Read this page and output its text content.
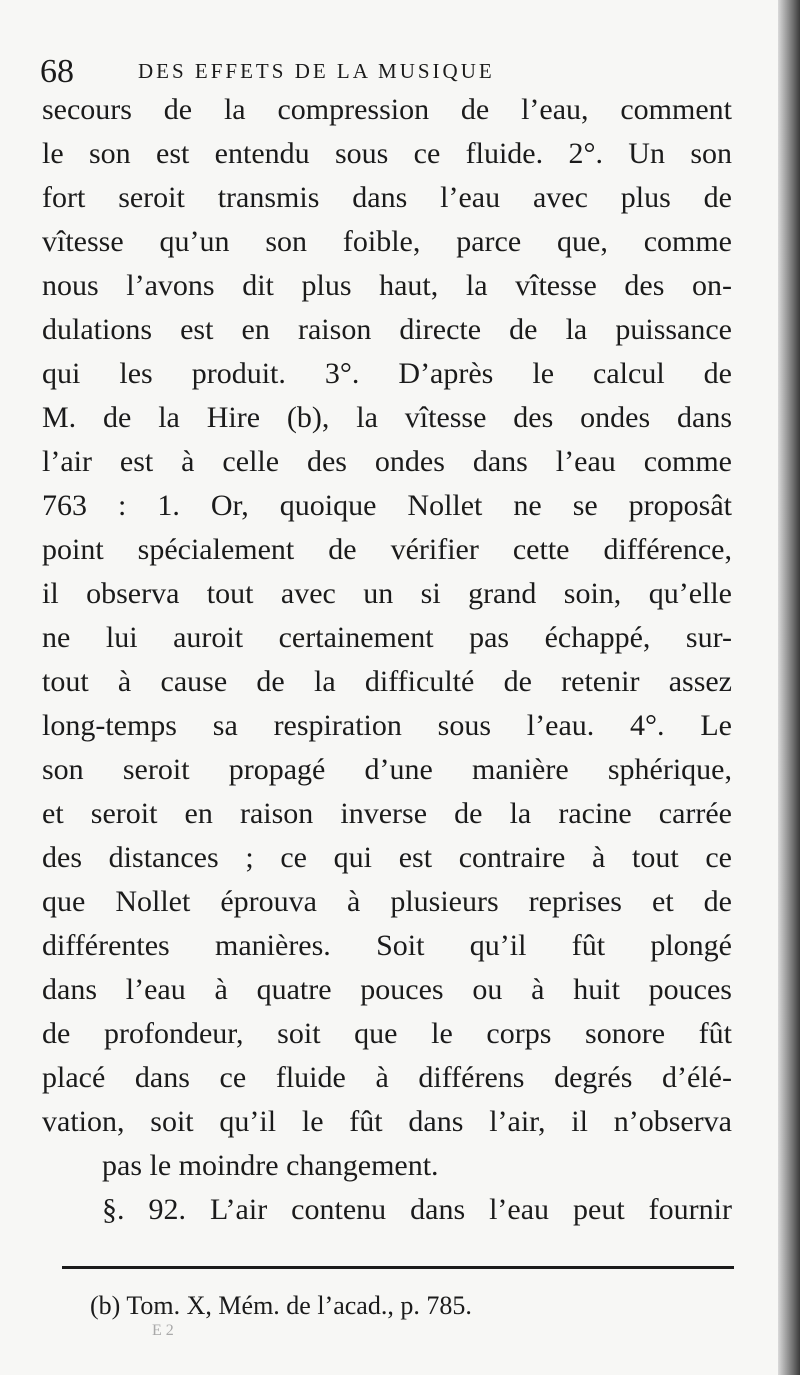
68	DES EFFETS DE LA MUSIQUE
secours de la compression de l’eau, comment
le son est entendu sous ce fluide. 2°. Un son
fort seroit transmis dans l’eau avec plus de
vîtesse qu’un son foible, parce que, comme
nous l’avons dit plus haut, la vîtesse des on-
dulations est en raison directe de la puissance
qui les produit. 3°. D’après le calcul de
M. de la Hire (b), la vîtesse des ondes dans
l’air est à celle des ondes dans l’eau comme
763 : 1. Or, quoique Nollet ne se proposât
point spécialement de vérifier cette différence,
il observa tout avec un si grand soin, qu’elle
ne lui auroit certainement pas échappé, sur-
tout à cause de la difficulté de retenir assez
long-temps sa respiration sous l’eau. 4°. Le
son seroit propagé d’une manière sphérique,
et seroit en raison inverse de la racine carrée
des distances ; ce qui est contraire à tout ce
que Nollet éprouva à plusieurs reprises et de
différentes manières. Soit qu’il fût plongé
dans l’eau à quatre pouces ou à huit pouces
de profondeur, soit que le corps sonore fût
placé dans ce fluide à différens degrés d’élé-
vation, soit qu’il le fût dans l’air, il n’observa
pas le moindre changement.
§. 92. L’air contenu dans l’eau peut fournir
(b) Tom. X, Mém. de l’acad., p. 785.
E 2
